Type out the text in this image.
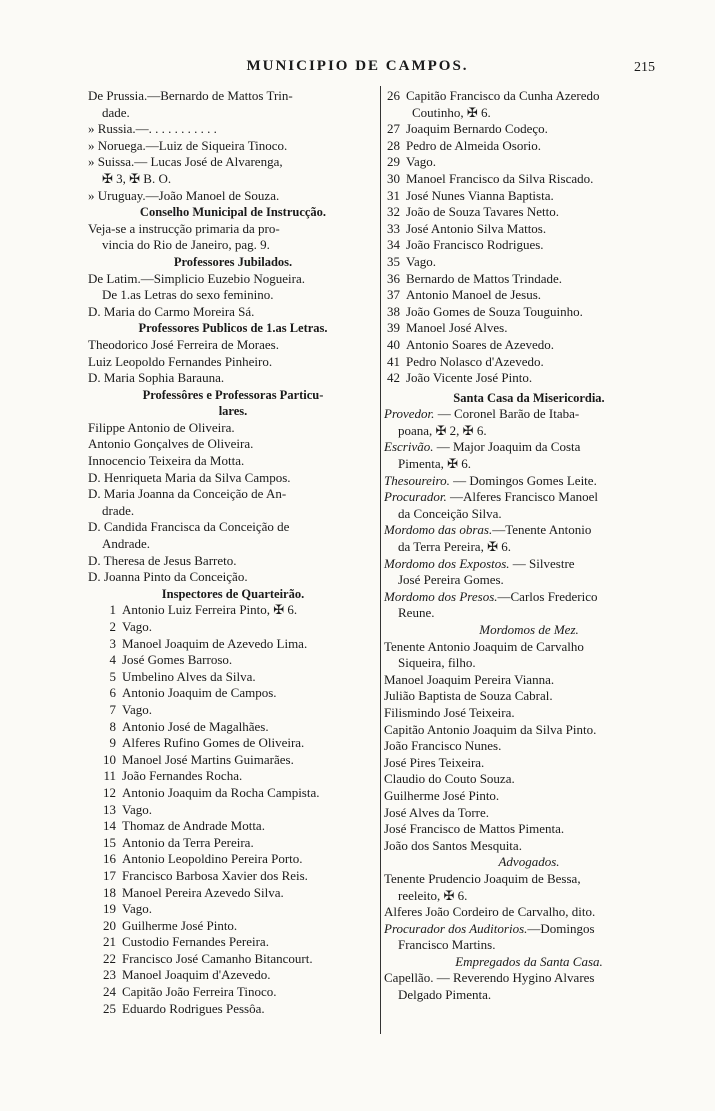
MUNICIPIO DE CAMPOS.	215
De Prussia.—Bernardo de Mattos Trin-
dade.
» Russia.—. . . . . . . . . . .
» Noruega.—Luiz de Siqueira Tinoco.
» Suissa.— Lucas José de Alvarenga,
✠ 3, ✠ B. O.
» Uruguay.—João Manoel de Souza.
Conselho Municipal de Instrucção.
Veja-se a instrucção primaria da pro-
vincia do Rio de Janeiro, pag. 9.
Professores Jubilados.
De Latim.—Simplicio Euzebio Nogueira.
De 1.as Letras do sexo feminino.
D. Maria do Carmo Moreira Sá.
Professores Publicos de 1.as Letras.
Theodorico José Ferreira de Moraes.
Luiz Leopoldo Fernandes Pinheiro.
D. Maria Sophia Barauna.
Professôres e Professoras Particu-
lares.
Filippe Antonio de Oliveira.
Antonio Gonçalves de Oliveira.
Innocencio Teixeira da Motta.
D. Henriqueta Maria da Silva Campos.
D. Maria Joanna da Conceição de An-
drade.
D. Candida Francisca da Conceição de
Andrade.
D. Theresa de Jesus Barreto.
D. Joanna Pinto da Conceição.
Inspectores de Quarteirão.
1 Antonio Luiz Ferreira Pinto, ✠ 6.
2 Vago.
3 Manoel Joaquim de Azevedo Lima.
4 José Gomes Barroso.
5 Umbelino Alves da Silva.
6 Antonio Joaquim de Campos.
7 Vago.
8 Antonio José de Magalhães.
9 Alferes Rufino Gomes de Oliveira.
10 Manoel José Martins Guimarães.
11 João Fernandes Rocha.
12 Antonio Joaquim da Rocha Campista.
13 Vago.
14 Thomaz de Andrade Motta.
15 Antonio da Terra Pereira.
16 Antonio Leopoldino Pereira Porto.
17 Francisco Barbosa Xavier dos Reis.
18 Manoel Pereira Azevedo Silva.
19 Vago.
20 Guilherme José Pinto.
21 Custodio Fernandes Pereira.
22 Francisco José Camanho Bitancourt.
23 Manoel Joaquim d'Azevedo.
24 Capitão João Ferreira Tinoco.
25 Eduardo Rodrigues Pessôa.
26 Capitão Francisco da Cunha Azeredo
Coutinho, ✠ 6.
27 Joaquim Bernardo Codeço.
28 Pedro de Almeida Osorio.
29 Vago.
30 Manoel Francisco da Silva Riscado.
31 José Nunes Vianna Baptista.
32 João de Souza Tavares Netto.
33 José Antonio Silva Mattos.
34 João Francisco Rodrigues.
35 Vago.
36 Bernardo de Mattos Trindade.
37 Antonio Manoel de Jesus.
38 João Gomes de Souza Touguinho.
39 Manoel José Alves.
40 Antonio Soares de Azevedo.
41 Pedro Nolasco d'Azevedo.
42 João Vicente José Pinto.
Santa Casa da Misericordia.
Provedor. — Coronel Barão de Itaba-
poana, ✠ 2, ✠ 6.
Escrivão. — Major Joaquim da Costa
Pimenta, ✠ 6.
Thesoureiro. — Domingos Gomes Leite.
Procurador. —Alferes Francisco Manoel
da Conceição Silva.
Mordomo das obras.—Tenente Antonio
da Terra Pereira, ✠ 6.
Mordomo dos Expostos. — Silvestre
José Pereira Gomes.
Mordomo dos Presos.—Carlos Frederico
Reune.
Mordomos de Mez.
Tenente Antonio Joaquim de Carvalho
Siqueira, filho.
Manoel Joaquim Pereira Vianna.
Julião Baptista de Souza Cabral.
Filismindo José Teixeira.
Capitão Antonio Joaquim da Silva Pinto.
João Francisco Nunes.
José Pires Teixeira.
Claudio do Couto Souza.
Guilherme José Pinto.
José Alves da Torre.
José Francisco de Mattos Pimenta.
João dos Santos Mesquita.
Advogados.
Tenente Prudencio Joaquim de Bessa,
reeleito, ✠ 6.
Alferes João Cordeiro de Carvalho, dito.
Procurador dos Auditorios.—Domingos
Francisco Martins.
Empregados da Santa Casa.
Capellão. — Reverendo Hygino Alvares
Delgado Pimenta.
